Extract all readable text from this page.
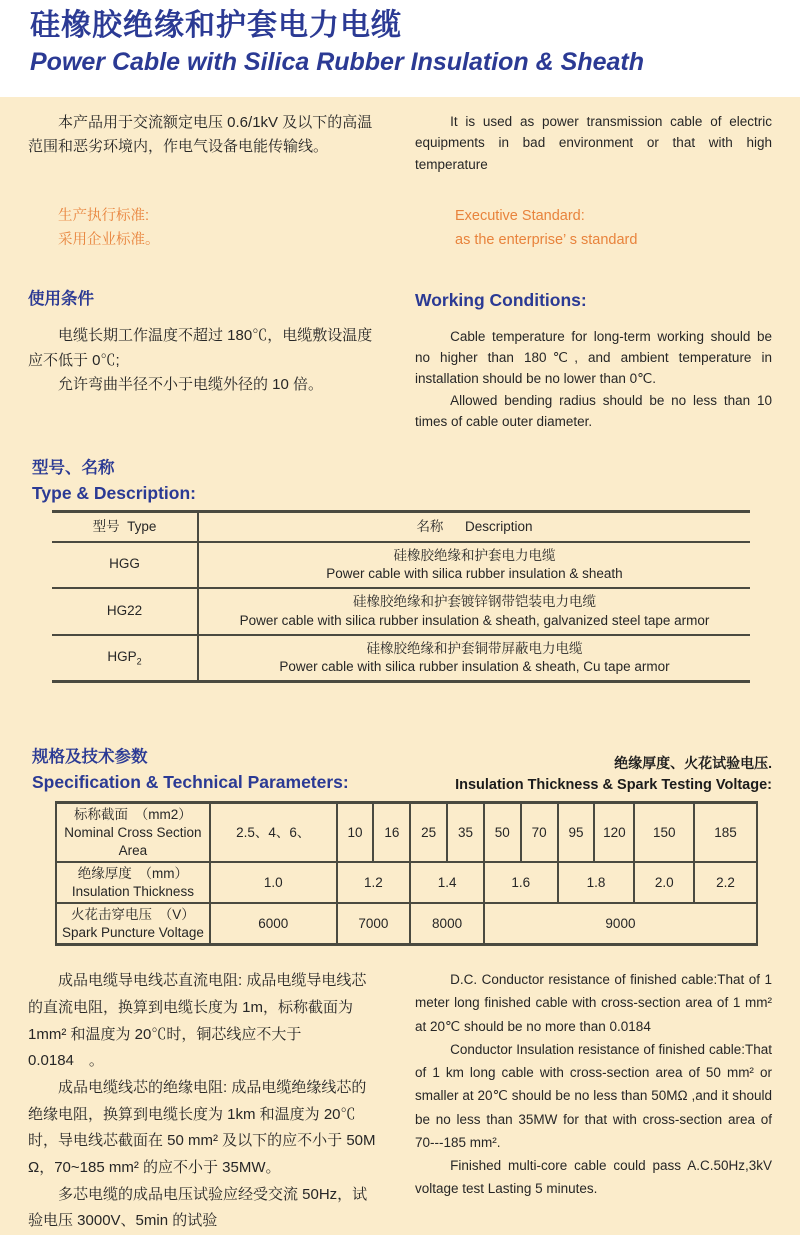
硅橡胶绝缘和护套电力电缆
Power Cable with Silica Rubber Insulation & Sheath

本产品用于交流额定电压 0.6/1kV 及以下的高温范围和恶劣环境内，作电气设备电能传输线。

It is used as power transmission cable of electric equipments in bad environment or that with high temperature

生产执行标准:

采用企业标准。

Executive Standard:

as the enterprise’ s standard

使用条件

电缆长期工作温度不超过 180℃，电缆敷设温度应不低于 0℃;

允许弯曲半径不小于电缆外径的 10 倍。

Working Conditions:

Cable temperature for long-term working should be no higher than 180℃, and ambient temperature in installation should be no lower than 0℃.

Allowed bending radius should be no less than 10 times of cable outer diameter.

型号、名称
Type & Description:
型号 Type	名称 Description
HGG	硅橡胶绝缘和护套电力电缆
Power cable with silica rubber insulation & sheath

HG22	硅橡胶绝缘和护套镀锌钢带铠装电力电缆
Power cable with silica rubber insulation & sheath, galvanized steel tape armor

$HGP_2$	硅橡胶绝缘和护套铜带屏蔽电力电缆
Power cable with silica rubber insulation & sheath, Cu tape armor
规格及技术参数
Specification & Technical Parameters:
绝缘厚度、火花试验电压.
Insulation Thickness & Spark Testing Voltage:
标称截面　（mm2）
Nominal Cross Section Area	2.5、4、6、	10	16	25	35	50	70	95	120	150	185

绝缘厚度　（mm）
Insulation Thickness	1.0	1.2		1.4		1.6		1.8		2.0	2.2

火花击穿电压　（V）
Spark Puncture Voltage	6000	7000		8000		9000					

成品电缆导电线芯直流电阻: 成品电缆导电线芯的直流电阻，换算到电缆长度为 1m，标称截面为 1mm² 和温度为 20℃时，铜芯线应不大于 0.0184　。

成品电缆线芯的绝缘电阻: 成品电缆绝缘线芯的绝缘电阻，换算到电缆长度为 1km 和温度为 20℃时，导电线芯截面在 50 mm² 及以下的应不小于 50M Ω，70~185 mm² 的应不小于 35MW。

多芯电缆的成品电压试验应经受交流 50Hz，试验电压 3000V、5min 的试验

D.C. Conductor resistance of finished cable:That of 1 meter long finished cable with cross-section area of 1 mm² at 20℃ should be no more than 0.0184

Conductor Insulation resistance of finished cable:That of 1 km long cable with cross-section area of 50 mm² or smaller at 20℃ should be no less than 50MΩ ,and it should be no less than 35MW for that with cross-section area of 70---185 mm².

Finished multi-core cable could pass A.C.50Hz,3kV voltage test Lasting 5 minutes.
